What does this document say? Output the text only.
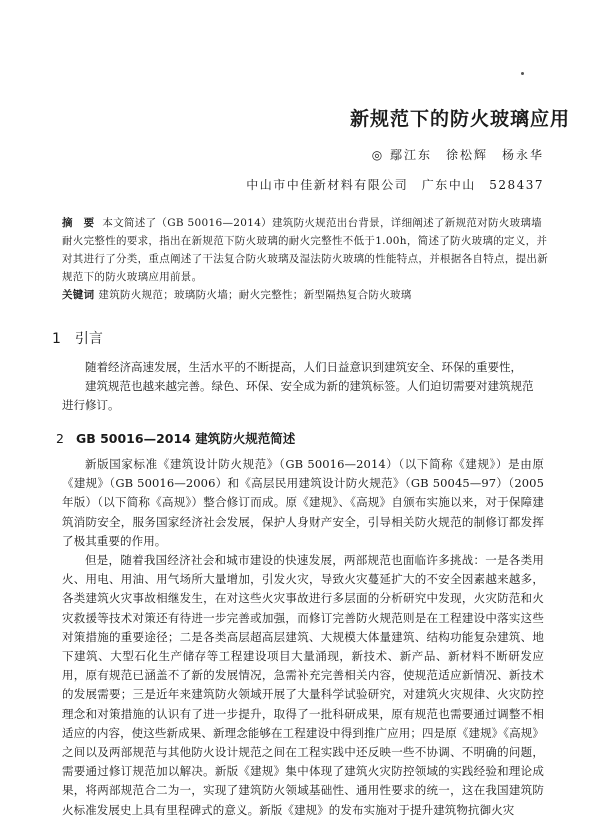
新规范下的防火玻璃应用
◎ 鄢江东　徐松辉　杨永华
中山市中佳新材料有限公司　广东中山　528437

摘　要 本文简述了（GB 50016—2014）建筑防火规范出台背景，详细阐述了新规范对防火玻璃墙耐火完整性的要求，指出在新规范下防火玻璃的耐火完整性不低于1.00h，简述了防火玻璃的定义，并对其进行了分类，重点阐述了干法复合防火玻璃及湿法防火玻璃的性能特点，并根据各自特点，提出新规范下的防火玻璃应用前景。

关键词 建筑防火规范；玻璃防火墙；耐火完整性；新型隔热复合防火玻璃

1 引言

随着经济高速发展，生活水平的不断提高，人们日益意识到建筑安全、环保的重要性，

建筑规范也越来越完善。绿色、环保、安全成为新的建筑标签。人们迫切需要对建筑规范进行修订。

2 GB 50016—2014 建筑防火规范简述

新版国家标准《建筑设计防火规范》（GB 50016—2014）（以下简称《建规》）是由原《建规》（GB 50016—2006）和《高层民用建筑设计防火规范》（GB 50045—97）（2005年版）（以下简称《高规》）整合修订而成。原《建规》、《高规》自颁布实施以来，对于保障建筑消防安全，服务国家经济社会发展，保护人身财产安全，引导相关防火规范的制修订都发挥了极其重要的作用。

但是，随着我国经济社会和城市建设的快速发展，两部规范也面临许多挑战：一是各类用火、用电、用油、用气场所大量增加，引发火灾，导致火灾蔓延扩大的不安全因素越来越多，各类建筑火灾事故相继发生，在对这些火灾事故进行多层面的分析研究中发现，火灾防范和火灾救援等技术对策还有待进一步完善或加强，而修订完善防火规范则是在工程建设中落实这些对策措施的重要途径；二是各类高层超高层建筑、大规模大体量建筑、结构功能复杂建筑、地下建筑、大型石化生产储存等工程建设项目大量涌现，新技术、新产品、新材料不断研发应用，原有规范已涵盖不了新的发展情况，急需补充完善相关内容，使规范适应新情况、新技术的发展需要；三是近年来建筑防火领域开展了大量科学试验研究，对建筑火灾规律、火灾防控理念和对策措施的认识有了进一步提升，取得了一批科研成果，原有规范也需要通过调整不相适应的内容，使这些新成果、新理念能够在工程建设中得到推广应用；四是原《建规》《高规》之间以及两部规范与其他防火设计规范之间在工程实践中还反映一些不协调、不明确的问题，需要通过修订规范加以解决。新版《建规》集中体现了建筑火灾防控领域的实践经验和理论成果，将两部规范合二为一，实现了建筑防火领域基础性、通用性要求的统一，这在我国建筑防火标准发展史上具有里程碑式的意义。新版《建规》的发布实施对于提升建筑物抗御火灾
